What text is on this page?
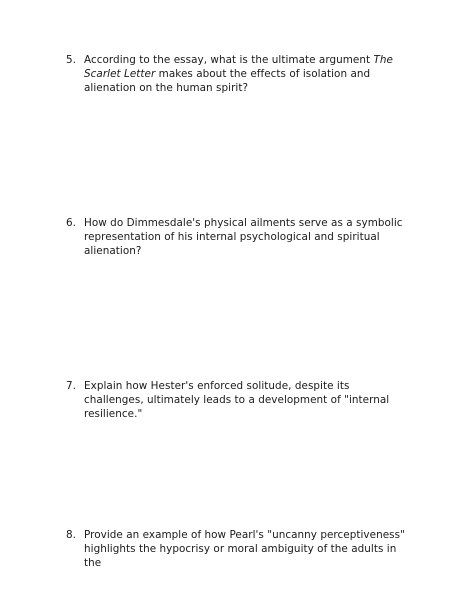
5. According to the essay, what is the ultimate argument The Scarlet Letter makes about the effects of isolation and alienation on the human spirit?
6. How do Dimmesdale's physical ailments serve as a symbolic representation of his internal psychological and spiritual alienation?
7. Explain how Hester's enforced solitude, despite its challenges, ultimately leads to a development of "internal resilience."
8. Provide an example of how Pearl's "uncanny perceptiveness" highlights the hypocrisy or moral ambiguity of the adults in the
